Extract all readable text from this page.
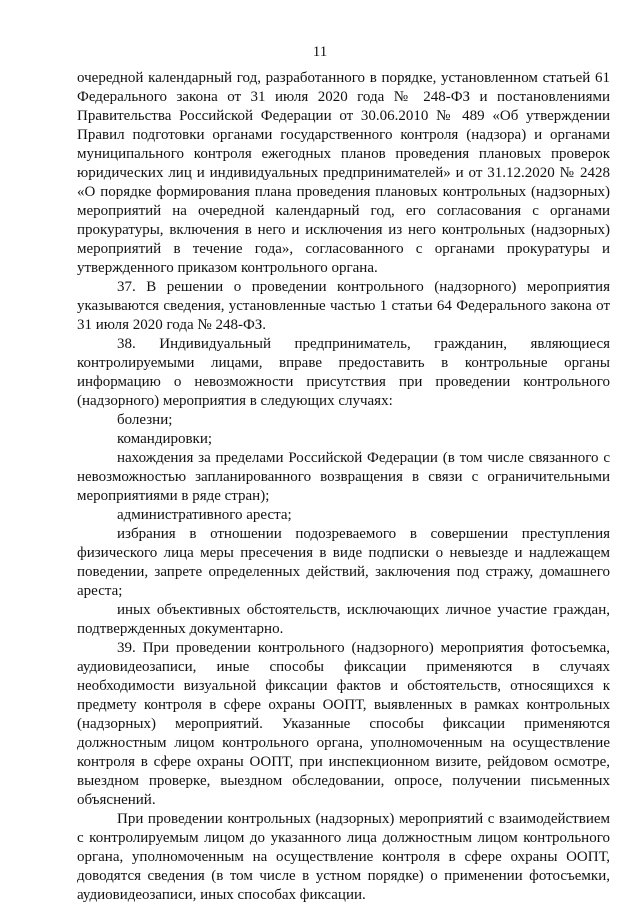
11

очередной календарный год, разработанного в порядке, установленном статьей 61 Федерального закона от 31 июля 2020 года № 248-ФЗ и постановлениями Правительства Российской Федерации от 30.06.2010 № 489 «Об утверждении Правил подготовки органами государственного контроля (надзора) и органами муниципального контроля ежегодных планов проведения плановых проверок юридических лиц и индивидуальных предпринимателей» и от 31.12.2020 № 2428 «О порядке формирования плана проведения плановых контрольных (надзорных) мероприятий на очередной календарный год, его согласования с органами прокуратуры, включения в него и исключения из него контрольных (надзорных) мероприятий в течение года», согласованного с органами прокуратуры и утвержденного приказом контрольного органа.

37. В решении о проведении контрольного (надзорного) мероприятия указываются сведения, установленные частью 1 статьи 64 Федерального закона от 31 июля 2020 года № 248-ФЗ.

38. Индивидуальный предприниматель, гражданин, являющиеся контролируемыми лицами, вправе предоставить в контрольные органы информацию о невозможности присутствия при проведении контрольного (надзорного) мероприятия в следующих случаях:

болезни;

командировки;

нахождения за пределами Российской Федерации (в том числе связанного с невозможностью запланированного возвращения в связи с ограничительными мероприятиями в ряде стран);

административного ареста;

избрания в отношении подозреваемого в совершении преступления физического лица меры пресечения в виде подписки о невыезде и надлежащем поведении, запрете определенных действий, заключения под стражу, домашнего ареста;

иных объективных обстоятельств, исключающих личное участие граждан, подтвержденных документарно.

39. При проведении контрольного (надзорного) мероприятия фотосъемка, аудиовидеозаписи, иные способы фиксации применяются в случаях необходимости визуальной фиксации фактов и обстоятельств, относящихся к предмету контроля в сфере охраны ООПТ, выявленных в рамках контрольных (надзорных) мероприятий. Указанные способы фиксации применяются должностным лицом контрольного органа, уполномоченным на осуществление контроля в сфере охраны ООПТ, при инспекционном визите, рейдовом осмотре, выездном проверке, выездном обследовании, опросе, получении письменных объяснений.

При проведении контрольных (надзорных) мероприятий с взаимодействием с контролируемым лицом до указанного лица должностным лицом контрольного органа, уполномоченным на осуществление контроля в сфере охраны ООПТ, доводятся сведения (в том числе в устном порядке) о применении фотосъемки, аудиовидеозаписи, иных способах фиксации.
